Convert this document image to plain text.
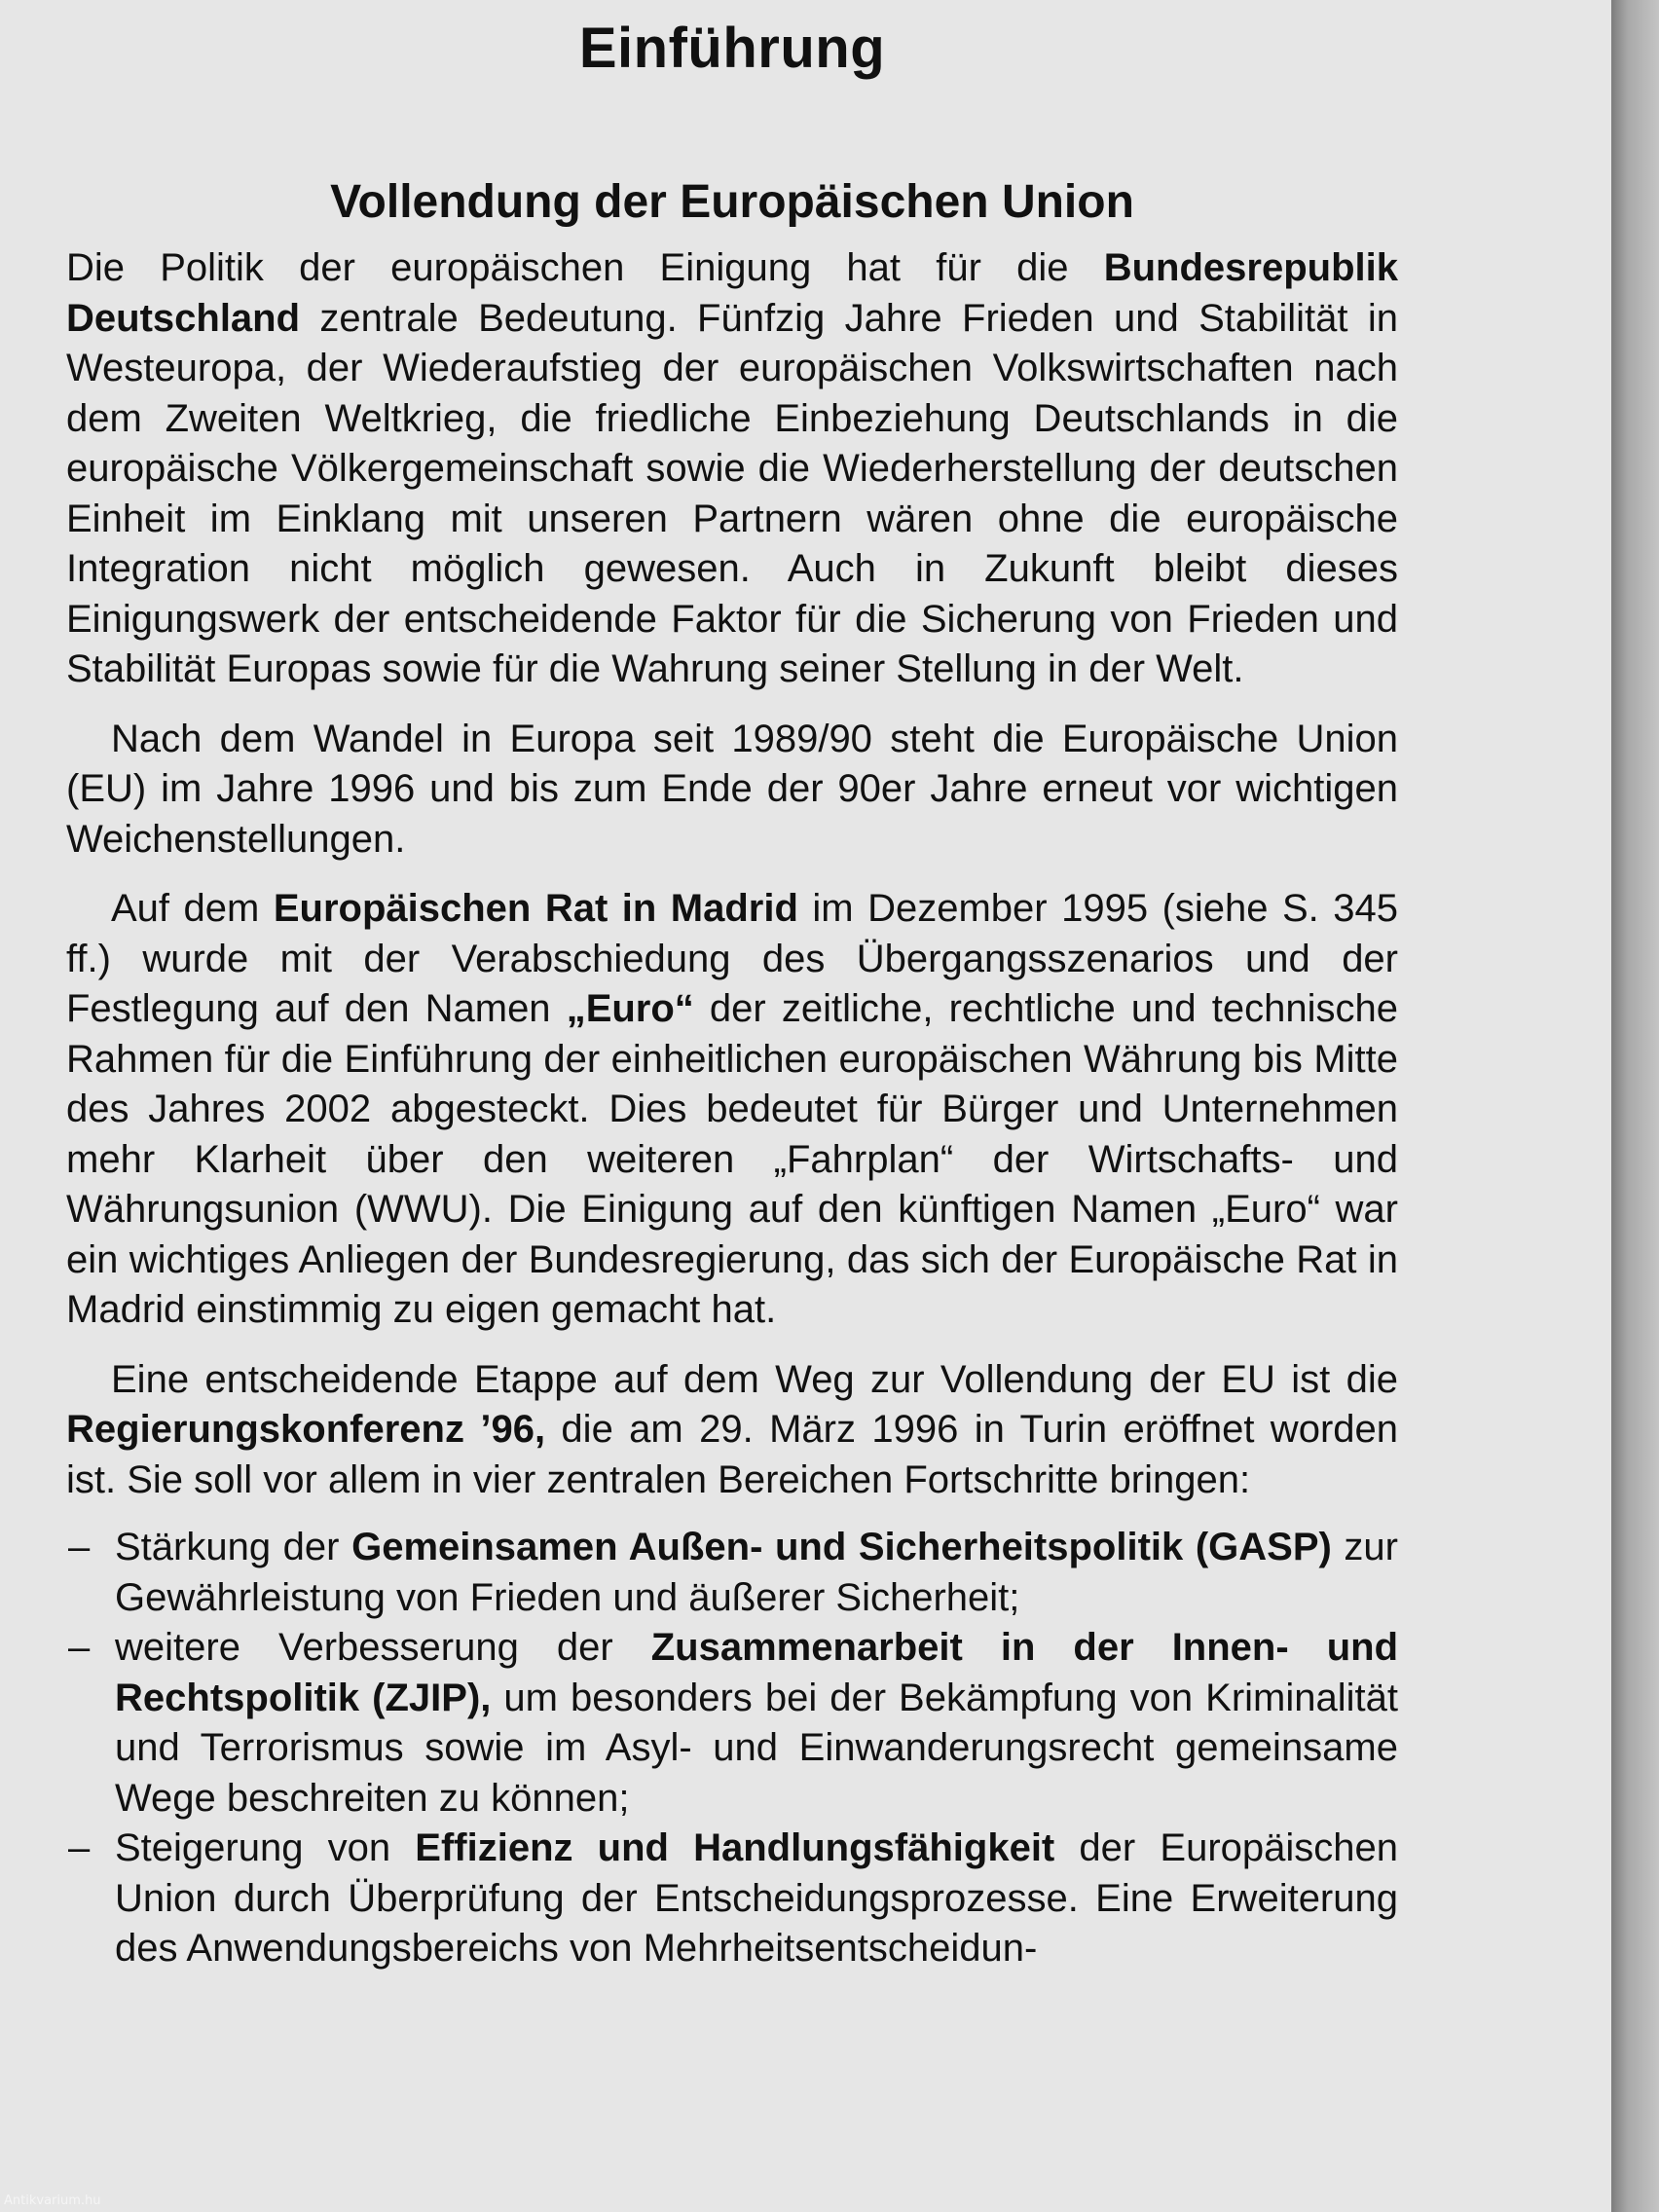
Einführung
Vollendung der Europäischen Union

Die Politik der europäischen Einigung hat für die Bundesrepublik Deutschland zentrale Bedeutung. Fünfzig Jahre Frieden und Stabilität in Westeuropa, der Wiederaufstieg der europäischen Volkswirtschaften nach dem Zweiten Weltkrieg, die friedliche Einbeziehung Deutschlands in die europäische Völkergemeinschaft sowie die Wiederherstellung der deutschen Einheit im Einklang mit unseren Partnern wären ohne die europäische Integration nicht möglich gewesen. Auch in Zukunft bleibt dieses Einigungswerk der entscheidende Faktor für die Sicherung von Frieden und Stabilität Europas sowie für die Wahrung seiner Stellung in der Welt.

Nach dem Wandel in Europa seit 1989/90 steht die Europäische Union (EU) im Jahre 1996 und bis zum Ende der 90er Jahre erneut vor wichtigen Weichenstellungen.

Auf dem Europäischen Rat in Madrid im Dezember 1995 (siehe S. 345 ff.) wurde mit der Verabschiedung des Übergangsszenarios und der Festlegung auf den Namen „Euro“ der zeitliche, rechtliche und technische Rahmen für die Einführung der einheitlichen europäischen Währung bis Mitte des Jahres 2002 abgesteckt. Dies bedeutet für Bürger und Unternehmen mehr Klarheit über den weiteren „Fahrplan“ der Wirtschafts- und Währungsunion (WWU). Die Einigung auf den künftigen Namen „Euro“ war ein wichtiges Anliegen der Bundesregierung, das sich der Europäische Rat in Madrid einstimmig zu eigen gemacht hat.

Eine entscheidende Etappe auf dem Weg zur Vollendung der EU ist die Regierungskonferenz ’96, die am 29. März 1996 in Turin eröffnet worden ist. Sie soll vor allem in vier zentralen Bereichen Fortschritte bringen:

– Stärkung der Gemeinsamen Außen- und Sicherheitspolitik (GASP) zur Gewährleistung von Frieden und äußerer Sicherheit;
– weitere Verbesserung der Zusammenarbeit in der Innen- und Rechtspolitik (ZJIP), um besonders bei der Bekämpfung von Kriminalität und Terrorismus sowie im Asyl- und Einwanderungsrecht gemeinsame Wege beschreiten zu können;
– Steigerung von Effizienz und Handlungsfähigkeit der Europäischen Union durch Überprüfung der Entscheidungsprozesse. Eine Erweiterung des Anwendungsbereichs von Mehrheitsentscheidun-
Antikvarium.hu
